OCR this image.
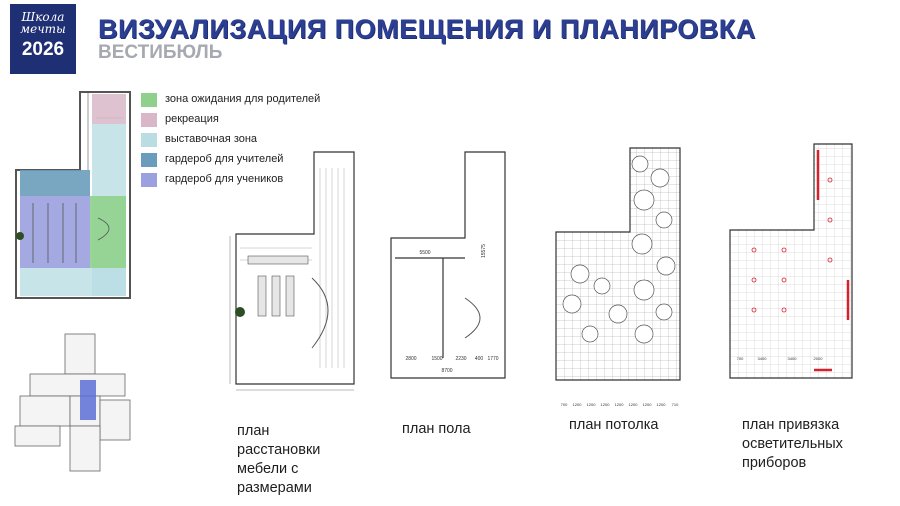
Школа
мечты
2026
ВИЗУАЛИЗАЦИЯ ПОМЕЩЕНИЯ И ПЛАНИРОВКА
ВЕСТИБЮЛЬ
зона ожидания для родителей
рекреация
выставочная зона
гардероб для учителей
гардероб для учеников
5500	15575
2800	1500	2230 400 1770
8700
700 1200 1200 1200 1200 1200 1200 1200 710
700	3400	3400	2000
план
расстановки
мебели с
размерами
план пола	план потолка	план привязка
осветительных
приборов
